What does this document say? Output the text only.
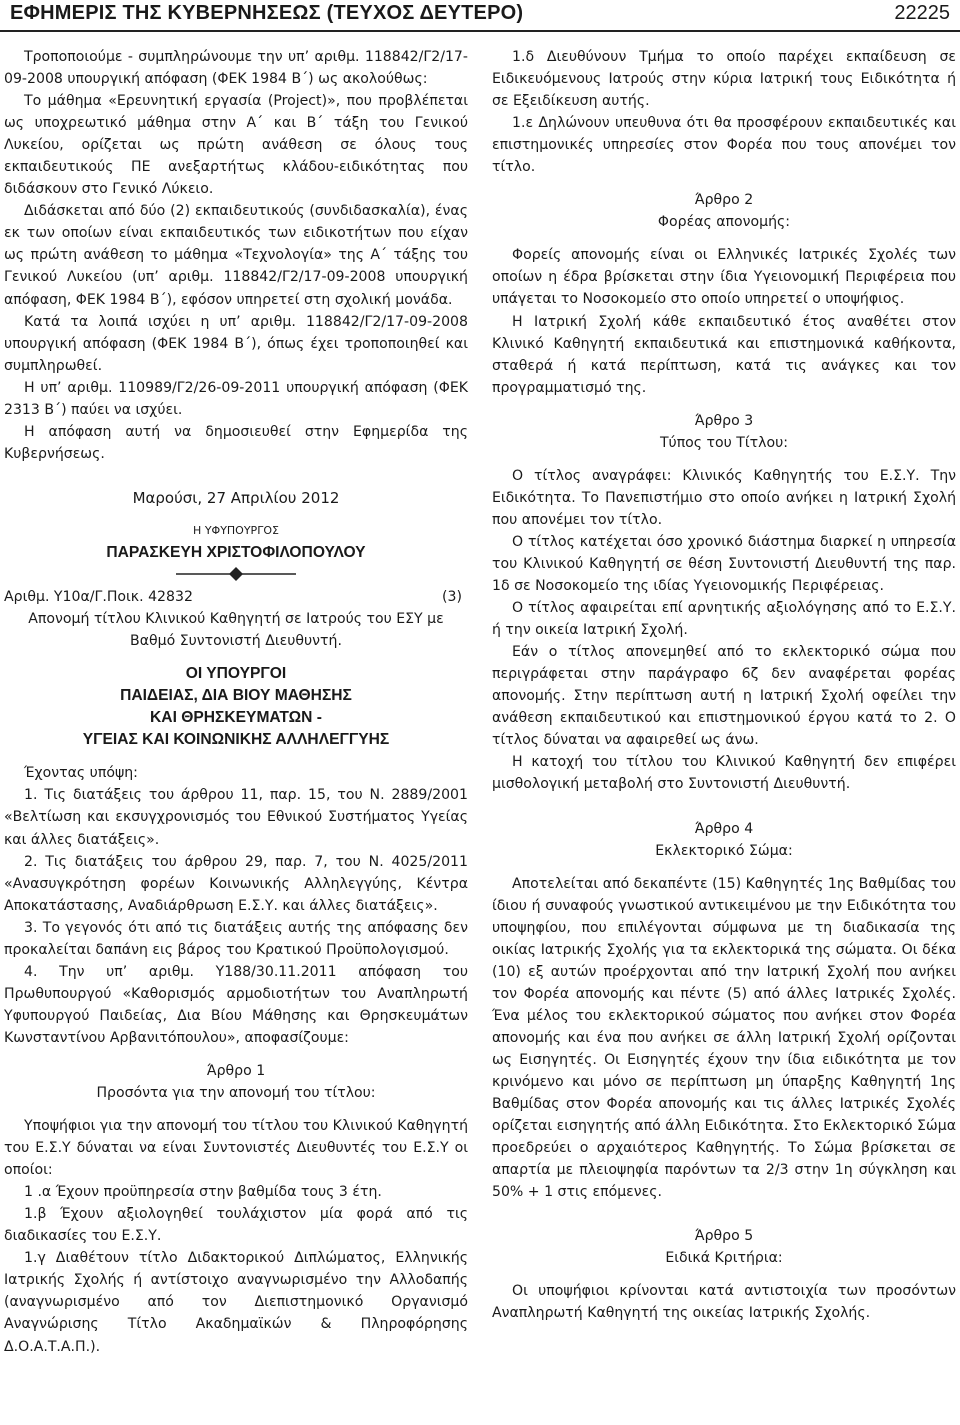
ΕΦΗΜΕΡΙΣ ΤΗΣ ΚΥΒΕΡΝΗΣΕΩΣ (ΤΕΥΧΟΣ ΔΕΥΤΕΡΟ)	22225

Τροποποιούμε - συμπληρώνουμε την υπ’ αριθμ. 118842/Γ2/17-09-2008 υπουργική απόφαση (ΦΕΚ 1984 Β΄) ως ακολούθως:

Το μάθημα «Ερευνητική εργασία (Project)», που προβλέπεται ως υποχρεωτικό μάθημα στην Α΄ και Β΄ τάξη του Γενικού Λυκείου, ορίζεται ως πρώτη ανάθεση σε όλους τους εκπαιδευτικούς ΠΕ ανεξαρτήτως κλάδου-ειδικότητας που διδάσκουν στο Γενικό Λύκειο.

Διδάσκεται από δύο (2) εκπαιδευτικούς (συνδιδασκαλία), ένας εκ των οποίων είναι εκπαιδευτικός των ειδικοτήτων που είχαν ως πρώτη ανάθεση το μάθημα «Τεχνολογία» της Α΄ τάξης του Γενικού Λυκείου (υπ’ αριθμ. 118842/Γ2/17-09-2008 υπουργική απόφαση, ΦΕΚ 1984 Β΄), εφόσον υπηρετεί στη σχολική μονάδα.

Κατά τα λοιπά ισχύει η υπ’ αριθμ. 118842/Γ2/17-09-2008 υπουργική απόφαση (ΦΕΚ 1984 Β΄), όπως έχει τροποποιηθεί και συμπληρωθεί.

Η υπ’ αριθμ. 110989/Γ2/26-09-2011 υπουργική απόφαση (ΦΕΚ 2313 Β΄) παύει να ισχύει.

Η απόφαση αυτή να δημοσιευθεί στην Εφημερίδα της Κυβερνήσεως.

Μαρούσι, 27 Απριλίου 2012

Η ΥΦΥΠΟΥΡΓΟΣ

ΠΑΡΑΣΚΕΥΗ ΧΡΙΣΤΟΦΙΛΟΠΟΥΛΟΥ

Αριθμ. Υ10α/Γ.Ποικ. 42832	(3)

Απονομή τίτλου Κλινικού Καθηγητή σε Ιατρούς του ΕΣΥ με Βαθμό Συντονιστή Διευθυντή.

ΟΙ ΥΠΟΥΡΓΟΙ

ΠΑΙΔΕΙΑΣ, ΔΙΑ ΒΙΟΥ ΜΑΘΗΣΗΣ

ΚΑΙ ΘΡΗΣΚΕΥΜΑΤΩΝ -

ΥΓΕΙΑΣ ΚΑΙ ΚΟΙΝΩΝΙΚΗΣ ΑΛΛΗΛΕΓΓΥΗΣ

Έχοντας υπόψη:

1. Τις διατάξεις του άρθρου 11, παρ. 15, του Ν. 2889/2001 «Βελτίωση και εκσυγχρονισμός του Εθνικού Συστήματος Υγείας και άλλες διατάξεις».

2. Τις διατάξεις του άρθρου 29, παρ. 7, του Ν. 4025/2011 «Ανασυγκρότηση φορέων Κοινωνικής Αλληλεγγύης, Κέντρα Αποκατάστασης, Αναδιάρθρωση Ε.Σ.Υ. και άλλες διατάξεις».

3. Το γεγονός ότι από τις διατάξεις αυτής της απόφασης δεν προκαλείται δαπάνη εις βάρος του Κρατικού Προϋπολογισμού.

4. Την υπ’ αριθμ. Υ188/30.11.2011 απόφαση του Πρωθυπουργού «Καθορισμός αρμοδιοτήτων του Αναπληρωτή Υφυπουργού Παιδείας, Δια Βίου Μάθησης και Θρησκευμάτων Κωνσταντίνου Αρβανιτόπουλου», αποφασίζουμε:

Άρθρο 1

Προσόντα για την απονομή του τίτλου:

Υποψήφιοι για την απονομή του τίτλου του Κλινικού Καθηγητή του Ε.Σ.Υ δύναται να είναι Συντονιστές Διευθυντές του Ε.Σ.Υ οι οποίοι:

1 .α Έχουν προϋπηρεσία στην βαθμίδα τους 3 έτη.

1.β Έχουν αξιολογηθεί τουλάχιστον μία φορά από τις διαδικασίες του Ε.Σ.Υ.

1.γ Διαθέτουν τίτλο Διδακτορικού Διπλώματος, Ελληνικής Ιατρικής Σχολής ή αντίστοιχο αναγνωρισμένο την Αλλοδαπής (αναγνωρισμένο από τον Διεπιστημονικό Οργανισμό Αναγνώρισης Τίτλο Ακαδημαϊκών & Πληροφόρησης Δ.Ο.Α.Τ.Α.Π.).

1.δ Διευθύνουν Τμήμα το οποίο παρέχει εκπαίδευση σε Ειδικευόμενους Ιατρούς στην κύρια Ιατρική τους Ειδικότητα ή σε Εξειδίκευση αυτής.

1.ε Δηλώνουν υπευθυνα ότι θα προσφέρουν εκπαιδευτικές και επιστημονικές υπηρεσίες στον Φορέα που τους απονέμει τον τίτλο.

Άρθρο 2

Φορέας απονομής:

Φορείς απονομής είναι οι Ελληνικές Ιατρικές Σχολές των οποίων η έδρα βρίσκεται στην ίδια Υγειονομική Περιφέρεια που υπάγεται το Νοσοκομείο στο οποίο υπηρετεί ο υποψήφιος.

Η Ιατρική Σχολή κάθε εκπαιδευτικό έτος αναθέτει στον Κλινικό Καθηγητή εκπαιδευτικά και επιστημονικά καθήκοντα, σταθερά ή κατά περίπτωση, κατά τις ανάγκες και τον προγραμματισμό της.

Άρθρο 3

Τύπος του Τίτλου:

Ο τίτλος αναγράφει: Κλινικός Καθηγητής του Ε.Σ.Υ. Την Ειδικότητα. Το Πανεπιστήμιο στο οποίο ανήκει η Ιατρική Σχολή που απονέμει τον τίτλο.

Ο τίτλος κατέχεται όσο χρονικό διάστημα διαρκεί η υπηρεσία του Κλινικού Καθηγητή σε θέση Συντονιστή Διευθυντή της παρ. 1δ σε Νοσοκομείο της ιδίας Υγειονομικής Περιφέρειας.

Ο τίτλος αφαιρείται επί αρνητικής αξιολόγησης από το Ε.Σ.Υ. ή την οικεία Ιατρική Σχολή.

Εάν ο τίτλος απονεμηθεί από το εκλεκτορικό σώμα που περιγράφεται στην παράγραφο 6ζ δεν αναφέρεται φορέας απονομής. Στην περίπτωση αυτή η Ιατρική Σχολή οφείλει την ανάθεση εκπαιδευτικού και επιστημονικού έργου κατά το 2. Ο τίτλος δύναται να αφαιρεθεί ως άνω.

Η κατοχή του τίτλου του Κλινικού Καθηγητή δεν επιφέρει μισθολογική μεταβολή στο Συντονιστή Διευθυντή.

Άρθρο 4

Εκλεκτορικό Σώμα:

Αποτελείται από δεκαπέντε (15) Καθηγητές 1ης Βαθμίδας του ίδιου ή συναφούς γνωστικού αντικειμένου με την Ειδικότητα του υποψηφίου, που επιλέγονται σύμφωνα με τη διαδικασία της οικίας Ιατρικής Σχολής για τα εκλεκτορικά της σώματα. Οι δέκα (10) εξ αυτών προέρχονται από την Ιατρική Σχολή που ανήκει τον Φορέα απονομής και πέντε (5) από άλλες Ιατρικές Σχολές. Ένα μέλος του εκλεκτορικού σώματος που ανήκει στον Φορέα απονομής και ένα που ανήκει σε άλλη Ιατρική Σχολή ορίζονται ως Εισηγητές. Οι Εισηγητές έχουν την ίδια ειδικότητα με τον κρινόμενο και μόνο σε περίπτωση μη ύπαρξης Καθηγητή 1ης Βαθμίδας στον Φορέα απονομής και τις άλλες Ιατρικές Σχολές ορίζεται εισηγητής από άλλη Ειδικότητα. Στο Εκλεκτορικό Σώμα προεδρεύει ο αρχαιότερος Καθηγητής. Το Σώμα βρίσκεται σε απαρτία με πλειοψηφία παρόντων τα 2/3 στην 1η σύγκληση και 50% + 1 στις επόμενες.

Άρθρο 5

Ειδικά Κριτήρια:

Οι υποψήφιοι κρίνονται κατά αντιστοιχία των προσόντων Αναπληρωτή Καθηγητή της οικείας Ιατρικής Σχολής.
